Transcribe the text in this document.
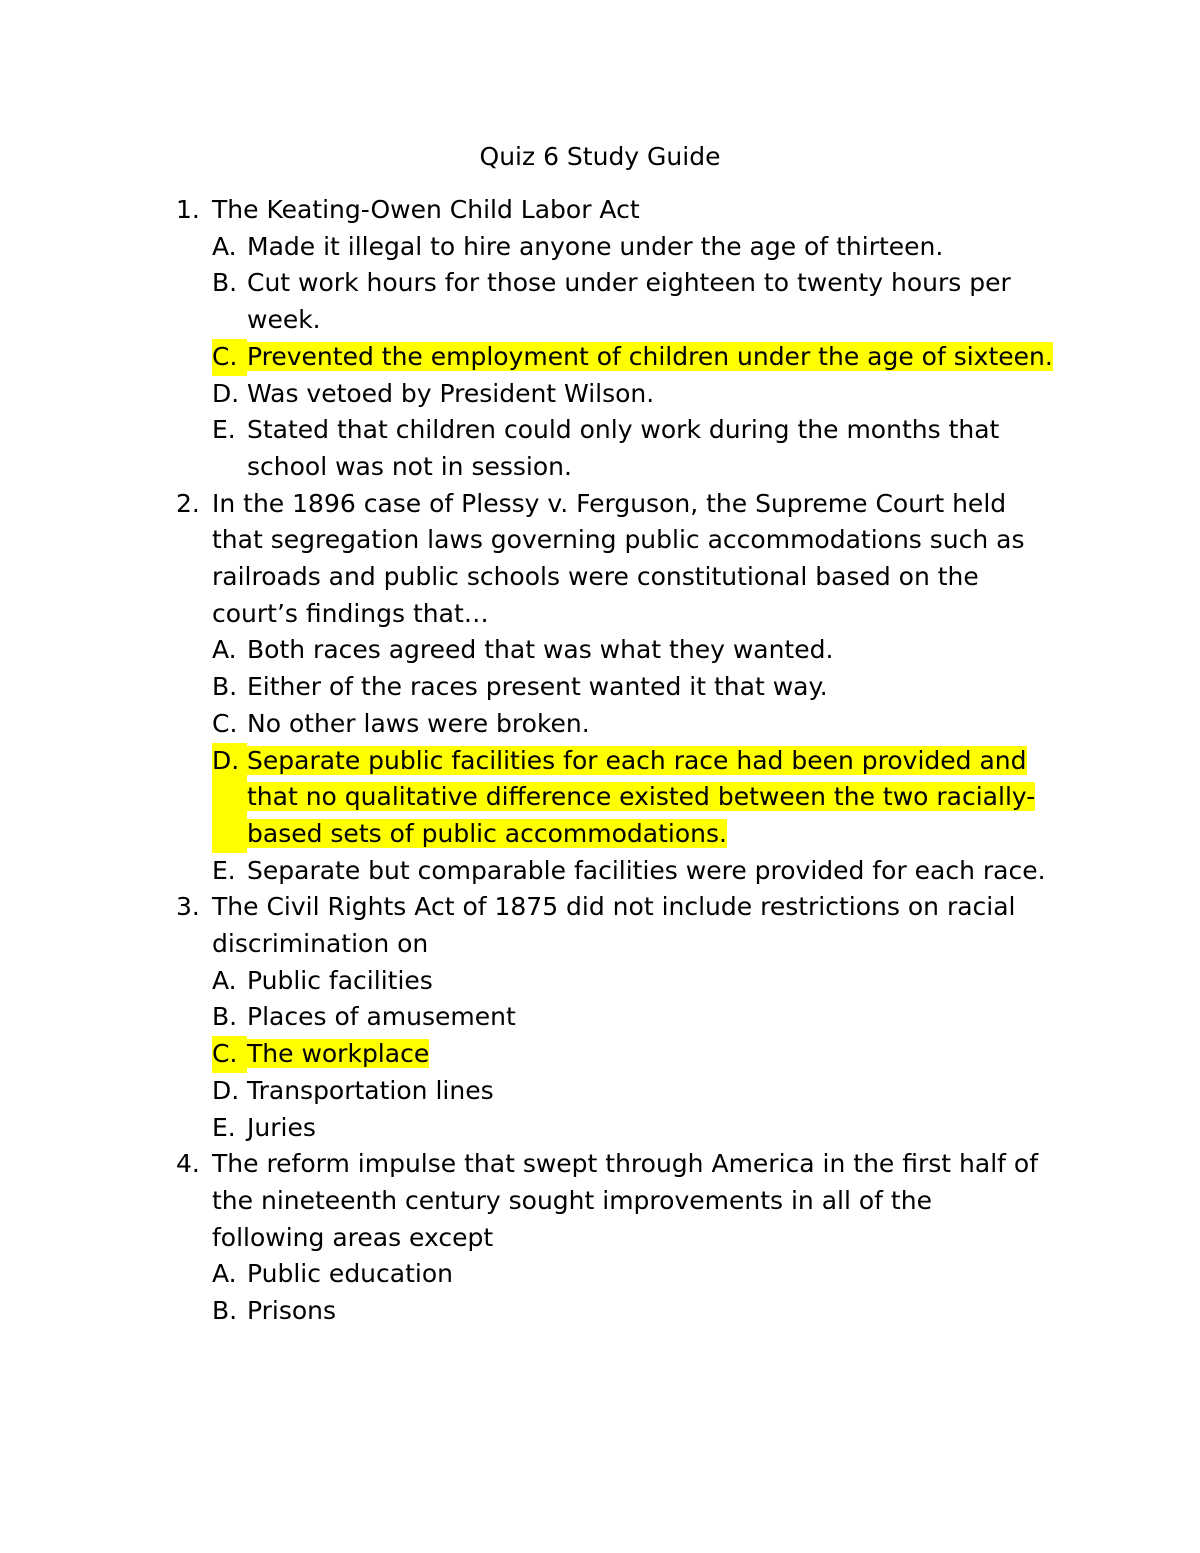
Quiz 6 Study Guide
1. The Keating-Owen Child Labor Act
A. Made it illegal to hire anyone under the age of thirteen.
B. Cut work hours for those under eighteen to twenty hours per week.
C. Prevented the employment of children under the age of sixteen.
D. Was vetoed by President Wilson.
E. Stated that children could only work during the months that school was not in session.
2. In the 1896 case of Plessy v. Ferguson, the Supreme Court held that segregation laws governing public accommodations such as railroads and public schools were constitutional based on the court’s findings that…
A. Both races agreed that was what they wanted.
B. Either of the races present wanted it that way.
C. No other laws were broken.
D. Separate public facilities for each race had been provided and that no qualitative difference existed between the two racially-based sets of public accommodations.
E. Separate but comparable facilities were provided for each race.
3. The Civil Rights Act of 1875 did not include restrictions on racial discrimination on
A. Public facilities
B. Places of amusement
C. The workplace
D. Transportation lines
E. Juries
4. The reform impulse that swept through America in the first half of the nineteenth century sought improvements in all of the following areas except
A. Public education
B. Prisons
